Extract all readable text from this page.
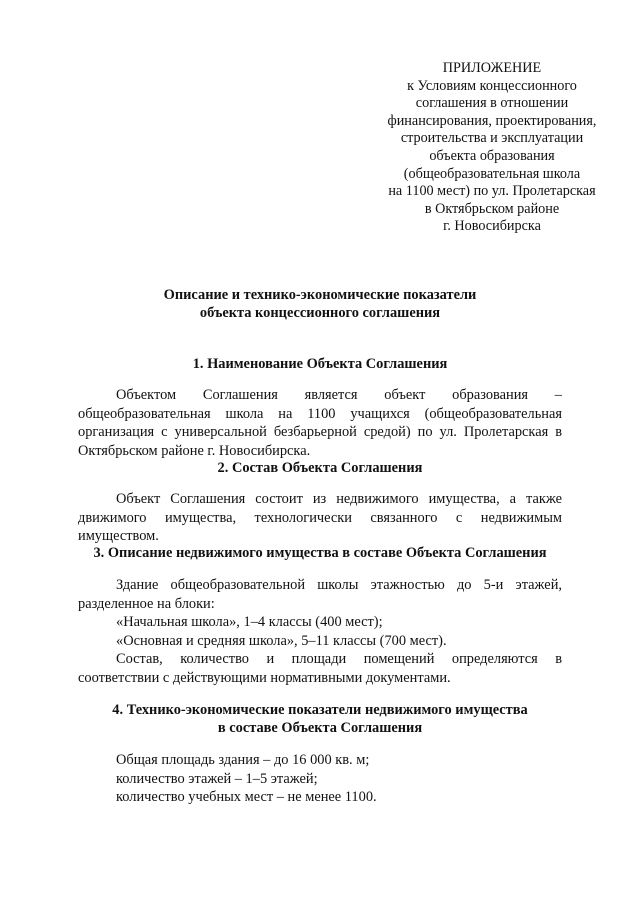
ПРИЛОЖЕНИЕ
к Условиям концессионного
соглашения в отношении
финансирования, проектирования,
строительства и эксплуатации
объекта образования
(общеобразовательная школа
на 1100 мест) по ул. Пролетарская
в Октябрьском районе
г. Новосибирска
Описание и технико-экономические показатели
объекта концессионного соглашения

1. Наименование Объекта Соглашения

Объектом Соглашения является объект образования – общеобразовательная школа на 1100 учащихся (общеобразовательная организация с универсальной безбарьерной средой) по ул. Пролетарская в Октябрьском районе г. Новосибирска.

2. Состав Объекта Соглашения

Объект Соглашения состоит из недвижимого имущества, а также движимого имущества, технологически связанного с недвижимым имуществом.

3. Описание недвижимого имущества в составе Объекта Соглашения

Здание общеобразовательной школы этажностью до 5-и этажей, разделенное на блоки:

«Начальная школа», 1–4 классы (400 мест);

«Основная и средняя школа», 5–11 классы (700 мест).

Состав, количество и площади помещений определяются в соответствии с действующими нормативными документами.

4. Технико-экономические показатели недвижимого имущества
в составе Объекта Соглашения

Общая площадь здания – до 16 000 кв. м;

количество этажей – 1–5 этажей;

количество учебных мест – не менее 1100.
